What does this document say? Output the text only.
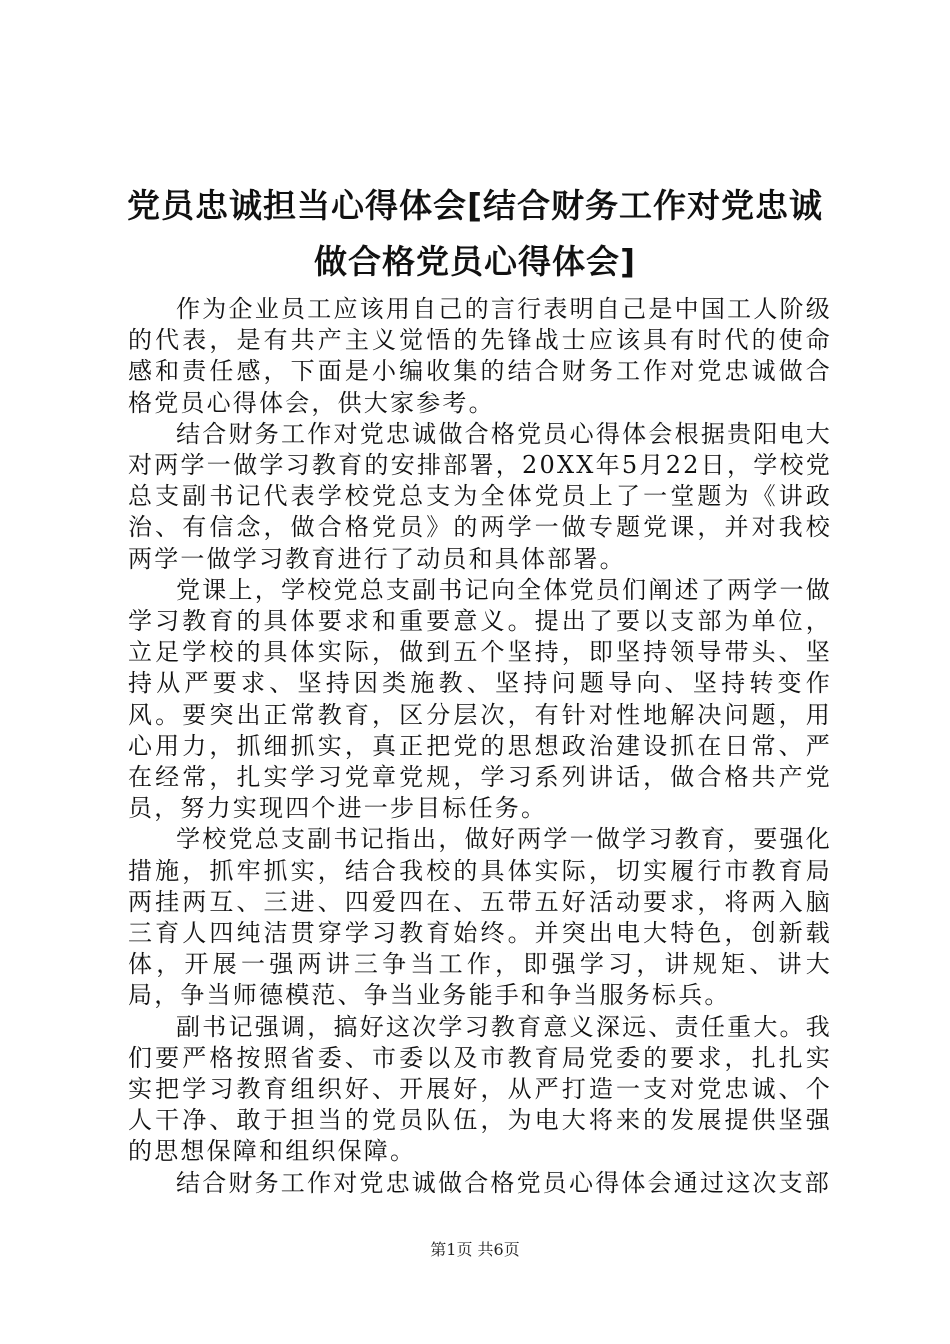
党员忠诚担当心得体会[结合财务工作对党忠诚做合格党员心得体会]

作为企业员工应该用自己的言行表明自己是中国工人阶级的代表，是有共产主义觉悟的先锋战士应该具有时代的使命感和责任感，下面是小编收集的结合财务工作对党忠诚做合格党员心得体会，供大家参考。

结合财务工作对党忠诚做合格党员心得体会根据贵阳电大对两学一做学习教育的安排部署，20XX年5月22日，学校党总支副书记代表学校党总支为全体党员上了一堂题为《讲政治、有信念，做合格党员》的两学一做专题党课，并对我校两学一做学习教育进行了动员和具体部署。

党课上，学校党总支副书记向全体党员们阐述了两学一做学习教育的具体要求和重要意义。提出了要以支部为单位，立足学校的具体实际，做到五个坚持，即坚持领导带头、坚持从严要求、坚持因类施教、坚持问题导向、坚持转变作风。要突出正常教育，区分层次，有针对性地解决问题，用心用力，抓细抓实，真正把党的思想政治建设抓在日常、严在经常，扎实学习党章党规，学习系列讲话，做合格共产党员，努力实现四个进一步目标任务。

学校党总支副书记指出，做好两学一做学习教育，要强化措施，抓牢抓实，结合我校的具体实际，切实履行市教育局两挂两互、三进、四爱四在、五带五好活动要求，将两入脑三育人四纯洁贯穿学习教育始终。并突出电大特色，创新载体，开展一强两讲三争当工作，即强学习，讲规矩、讲大局，争当师德模范、争当业务能手和争当服务标兵。

副书记强调，搞好这次学习教育意义深远、责任重大。我们要严格按照省委、市委以及市教育局党委的要求，扎扎实实把学习教育组织好、开展好，从严打造一支对党忠诚、个人干净、敢于担当的党员队伍，为电大将来的发展提供坚强的思想保障和组织保障。

结合财务工作对党忠诚做合格党员心得体会通过这次支部

第1页 共6页
